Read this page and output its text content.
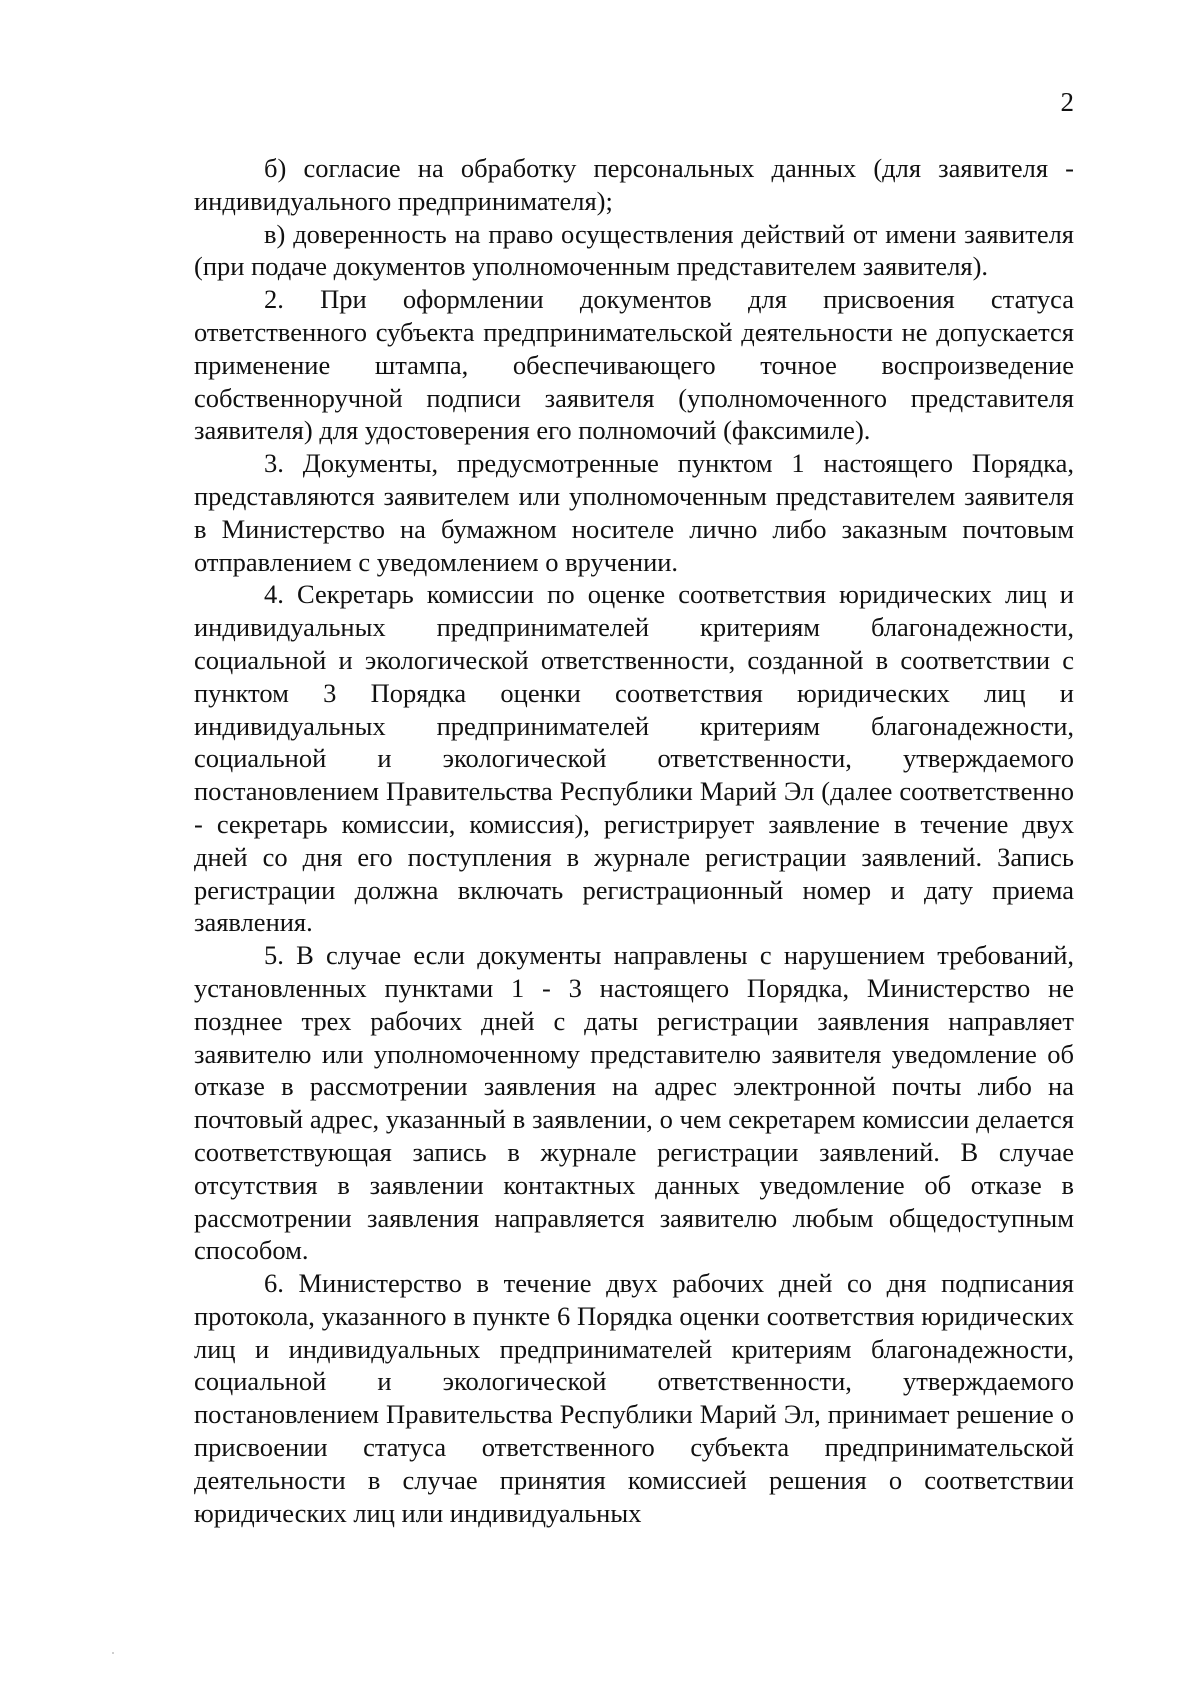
2

б) согласие на обработку персональных данных (для заявителя - индивидуального предпринимателя);

в) доверенность на право осуществления действий от имени заявителя (при подаче документов уполномоченным представителем заявителя).

2. При оформлении документов для присвоения статуса ответственного субъекта предпринимательской деятельности не допускается применение штампа, обеспечивающего точное воспроизведение собственноручной подписи заявителя (уполномоченного представителя заявителя) для удостоверения его полномочий (факсимиле).

3. Документы, предусмотренные пунктом 1 настоящего Порядка, представляются заявителем или уполномоченным представителем заявителя в Министерство на бумажном носителе лично либо заказным почтовым отправлением с уведомлением о вручении.

4. Секретарь комиссии по оценке соответствия юридических лиц и индивидуальных предпринимателей критериям благонадежности, социальной и экологической ответственности, созданной в соответствии с пунктом 3 Порядка оценки соответствия юридических лиц и индивидуальных предпринимателей критериям благонадежности, социальной и экологической ответственности, утверждаемого постановлением Правительства Республики Марий Эл (далее соответственно - секретарь комиссии, комиссия), регистрирует заявление в течение двух дней со дня его поступления в журнале регистрации заявлений. Запись регистрации должна включать регистрационный номер и дату приема заявления.

5. В случае если документы направлены с нарушением требований, установленных пунктами 1 - 3 настоящего Порядка, Министерство не позднее трех рабочих дней с даты регистрации заявления направляет заявителю или уполномоченному представителю заявителя уведомление об отказе в рассмотрении заявления на адрес электронной почты либо на почтовый адрес, указанный в заявлении, о чем секретарем комиссии делается соответствующая запись в журнале регистрации заявлений. В случае отсутствия в заявлении контактных данных уведомление об отказе в рассмотрении заявления направляется заявителю любым общедоступным способом.

6. Министерство в течение двух рабочих дней со дня подписания протокола, указанного в пункте 6 Порядка оценки соответствия юридических лиц и индивидуальных предпринимателей критериям благонадежности, социальной и экологической ответственности, утверждаемого постановлением Правительства Республики Марий Эл, принимает решение о присвоении статуса ответственного субъекта предпринимательской деятельности в случае принятия комиссией решения о соответствии юридических лиц или индивидуальных
